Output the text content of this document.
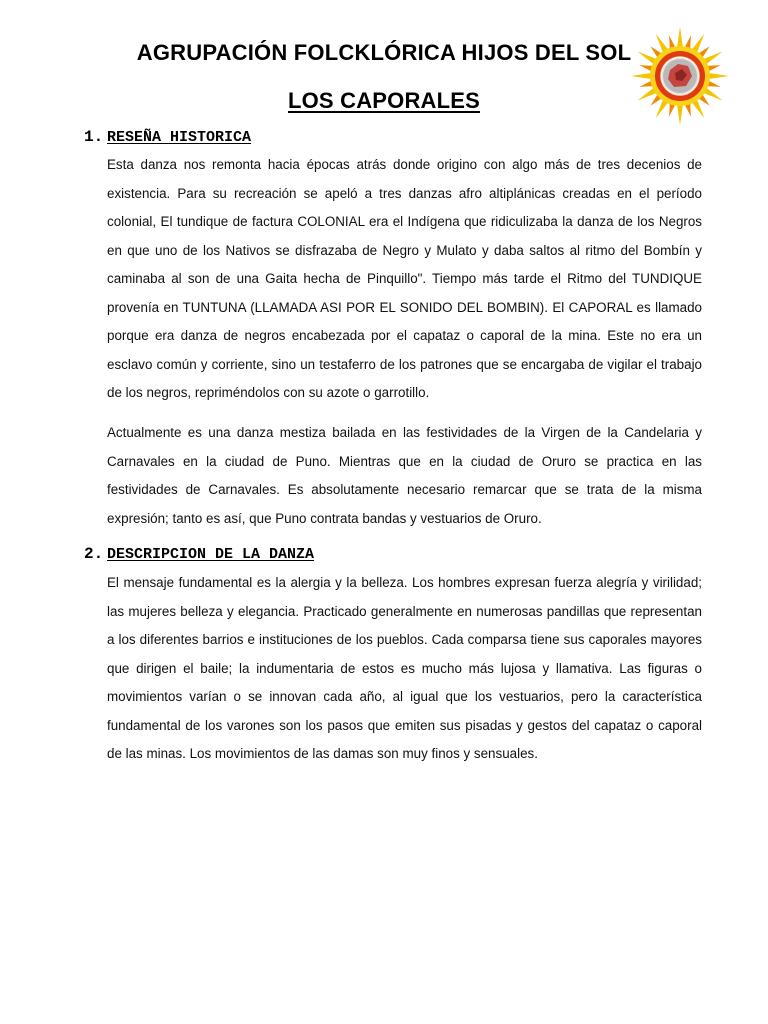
AGRUPACIÓN FOLCKLÓRICA HIJOS DEL SOL
LOS CAPORALES
1. RESEÑA HISTORICA

Esta danza nos remonta hacia épocas atrás donde origino con algo más de tres decenios de existencia. Para su recreación se apeló a tres danzas afro altiplánicas creadas en el período colonial, El tundique de factura COLONIAL era el Indígena que ridiculizaba la danza de los Negros en que uno de los Nativos se disfrazaba de Negro y Mulato y daba saltos al ritmo del Bombín y caminaba al son de una Gaita hecha de Pinquillo". Tiempo más tarde el Ritmo del TUNDIQUE provenía en TUNTUNA (LLAMADA ASI POR EL SONIDO DEL BOMBIN). El CAPORAL es llamado porque era danza de negros encabezada por el capataz o caporal de la mina. Este no era un esclavo común y corriente, sino un testaferro de los patrones que se encargaba de vigilar el trabajo de los negros, repriméndolos con su azote o garrotillo.

Actualmente es una danza mestiza bailada en las festividades de la Virgen de la Candelaria y Carnavales en la ciudad de Puno. Mientras que en la ciudad de Oruro se practica en las festividades de Carnavales. Es absolutamente necesario remarcar que se trata de la misma expresión; tanto es así, que Puno contrata bandas y vestuarios de Oruro.

2. DESCRIPCION DE LA DANZA

El mensaje fundamental es la alergia y la belleza. Los hombres expresan fuerza alegría y virilidad; las mujeres belleza y elegancia. Practicado generalmente en numerosas pandillas que representan a los diferentes barrios e instituciones de los pueblos. Cada comparsa tiene sus caporales mayores que dirigen el baile; la indumentaria de estos es mucho más lujosa y llamativa. Las figuras o movimientos varían o se innovan cada año, al igual que los vestuarios, pero la característica fundamental de los varones son los pasos que emiten sus pisadas y gestos del capataz o caporal de las minas. Los movimientos de las damas son muy finos y sensuales.
